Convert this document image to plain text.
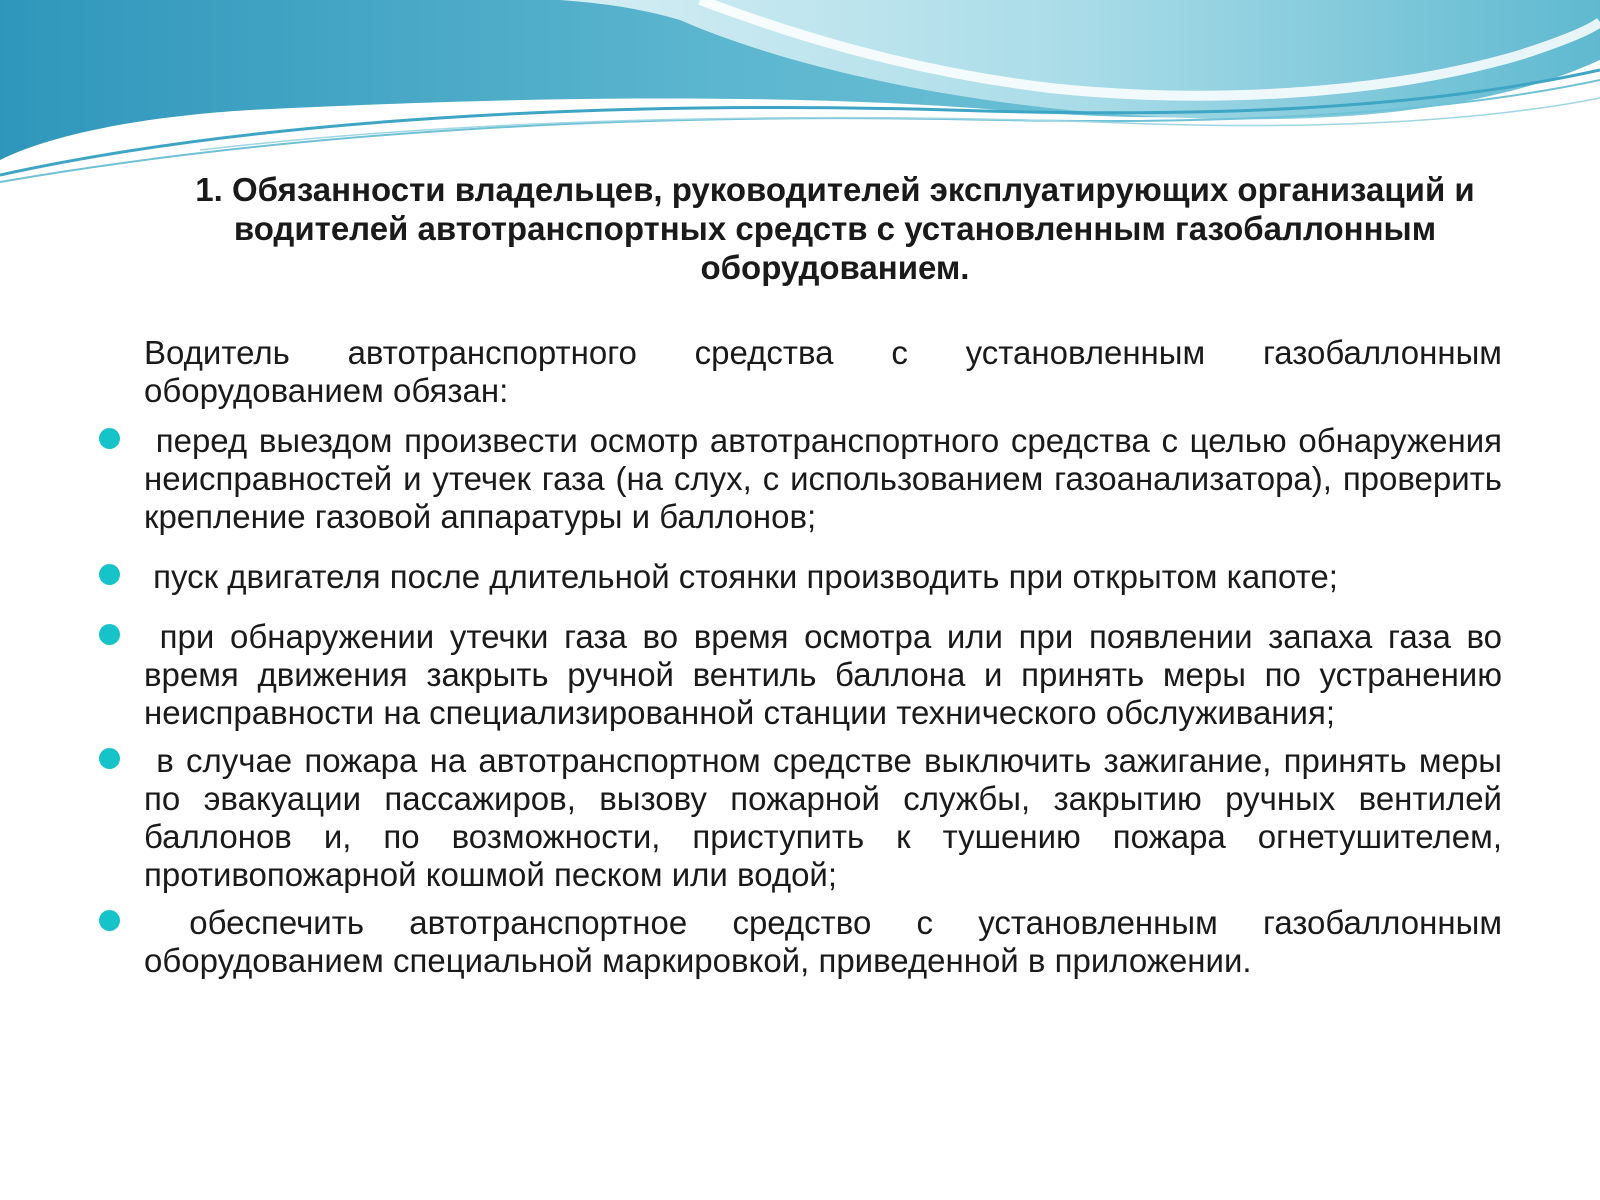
1. Обязанности владельцев, руководителей эксплуатирующих организаций и водителей автотранспортных средств с установленным газобаллонным оборудованием.

Водитель автотранспортного средства с установленным газобаллонным оборудованием обязан:

перед выездом произвести осмотр автотранспортного средства с целью обнаружения неисправностей и утечек газа (на слух, с использованием газоанализатора), проверить крепление газовой аппаратуры и баллонов;
пуск двигателя после длительной стоянки производить при открытом капоте;
при обнаружении утечки газа во время осмотра или при появлении запаха газа во время движения закрыть ручной вентиль баллона и принять меры по устранению неисправности на специализированной станции технического обслуживания;
в случае пожара на автотранспортном средстве выключить зажигание, принять меры по эвакуации пассажиров, вызову пожарной службы, закрытию ручных вентилей баллонов и, по возможности, приступить к тушению пожара огнетушителем, противопожарной кошмой песком или водой;
обеспечить автотранспортное средство с установленным газобаллонным оборудованием специальной маркировкой, приведенной в приложении.
